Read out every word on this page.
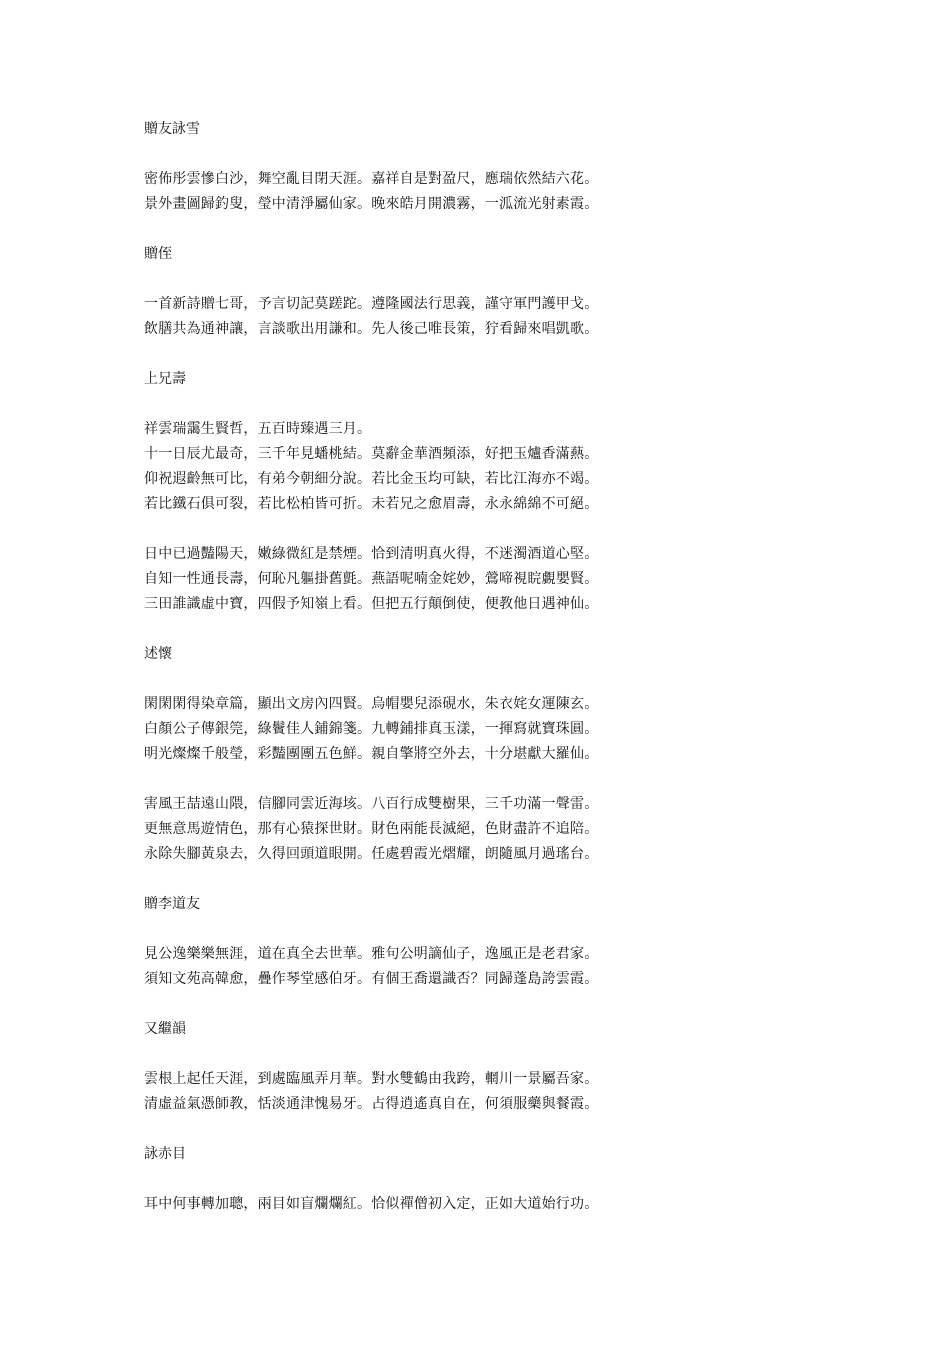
贈友詠雪
密佈彤雲慘白沙，舞空亂目閉天涯。嘉祥自是對盈尺，應瑞依然結六花。
景外畫圖歸釣叟，瑩中清淨屬仙家。晚來皓月開濃霧，一泒流光射素霞。
贈侄
一首新詩贈七哥，予言切記莫蹉跎。遵隆國法行思義，謹守軍門護甲戈。
飲膳共為通神讓，言談歌出用謙和。先人後己唯長策，狞看歸來唱凱歌。
上兄壽
祥雲瑞靄生賢哲，五百時臻遇三月。
十一日辰尤最奇，三千年見蟠桃結。莫辭金華酒頻添，好把玉爐香滿爇。
仰祝遐齡無可比，有弟今朝細分說。若比金玉均可缺，若比江海亦不竭。
若比鐵石俱可裂，若比松柏皆可折。未若兄之愈眉壽，永永綿綿不可絕。
日中已過豔陽天，嫩綠微紅是禁煙。恰到清明真火得，不迷濁酒道心堅。
自知一性通長壽，何恥凡軀掛舊氈。燕語呢喃金姹妙，鶯啼視睆覷嬰賢。
三田誰識虛中寶，四假予知嶺上看。但把五行顛倒使，便教他日遇神仙。
述懷
閑閑閑得染章篇，顯出文房內四賢。烏帽嬰兒添硯水，朱衣姹女運陳玄。
白顏公子傳銀筦，綠鬢佳人鋪錦箋。九轉鋪排真玉漾，一揮寫就寶珠圓。
明光燦燦千般瑩，彩豔團團五色鮮。親自擎將空外去，十分堪獻大羅仙。
害風王喆遠山隈，信腳同雲近海垓。八百行成雙樹果，三千功滿一聲雷。
更無意馬遊情色，那有心猿探世財。財色兩能長滅絕，色財盡許不追陪。
永除失腳黃泉去，久得回頭道眼開。任處碧霞光熠耀，朗隨風月過瑤台。
贈李道友
見公逸樂樂無涯，道在真全去世華。雅句公明謫仙子，逸風正是老君家。
須知文苑高韓愈，疊作琴堂感伯牙。有個王喬還識否？同歸蓬島誇雲霞。
又繼韻
雲根上起任天涯，到處臨風弄月華。對水雙鶴由我跨，輞川一景屬吾家。
清虛益氣憑師教，恬淡通津愧易牙。占得逍遙真自在，何須服藥與餐霞。
詠赤目
耳中何事轉加聰，兩目如盲爛爛紅。恰似禪僧初入定，正如大道始行功。
